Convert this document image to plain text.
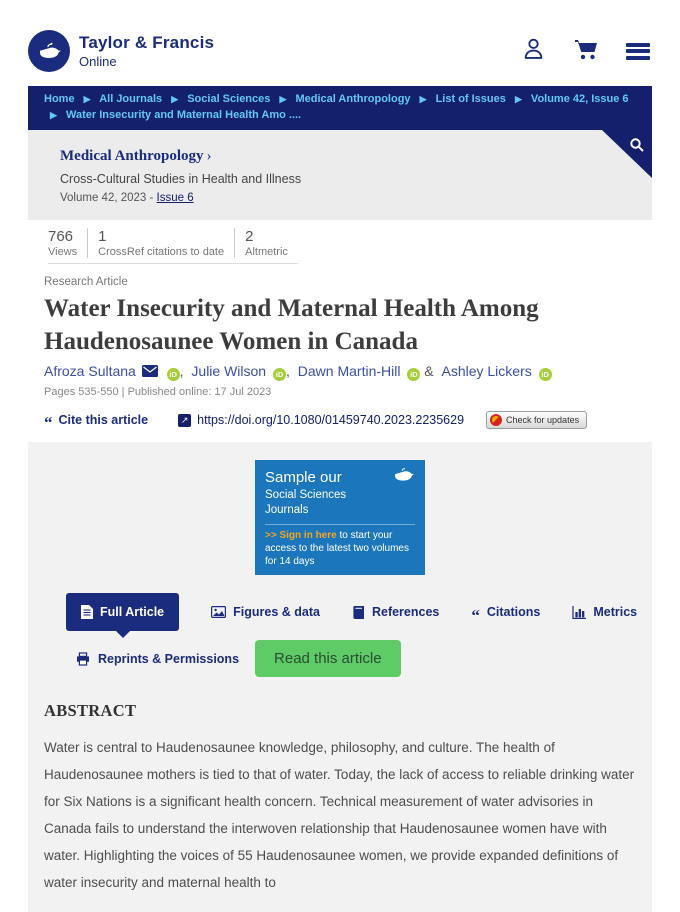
Taylor & Francis
Online
Home ▶ All Journals ▶ Social Sciences ▶ Medical Anthropology ▶ List of Issues ▶ Volume 42, Issue 6 ▶ Water Insecurity and Maternal Health Amo ....
Medical Anthropology ›
Cross-Cultural Studies in Health and Illness
Volume 42, 2023 - Issue 6
766
Views
1
CrossRef citations to date
2
Altmetric
Research Article
Water Insecurity and Maternal Health Among Haudenosaunee Women in Canada
Afroza Sultana	iD , Julie Wilson iD , Dawn Martin-Hill iD & Ashley Lickers iD
Pages 535-550 | Published online: 17 Jul 2023
“ Cite this article	↗ https://doi.org/10.1080/01459740.2023.2235629	Check for updates
Sample our
Social Sciences
Journals
>> Sign in here to start your access to the latest two volumes for 14 days
Full Article	Figures & data	References “ Citations	Metrics
Reprints & Permissions	Read this article
ABSTRACT

Water is central to Haudenosaunee knowledge, philosophy, and culture. The health of Haudenosaunee mothers is tied to that of water. Today, the lack of access to reliable drinking water for Six Nations is a significant health concern. Technical measurement of water advisories in Canada fails to understand the interwoven relationship that Haudenosaunee women have with water. Highlighting the voices of 55 Haudenosaunee women, we provide expanded definitions of water insecurity and maternal health to
